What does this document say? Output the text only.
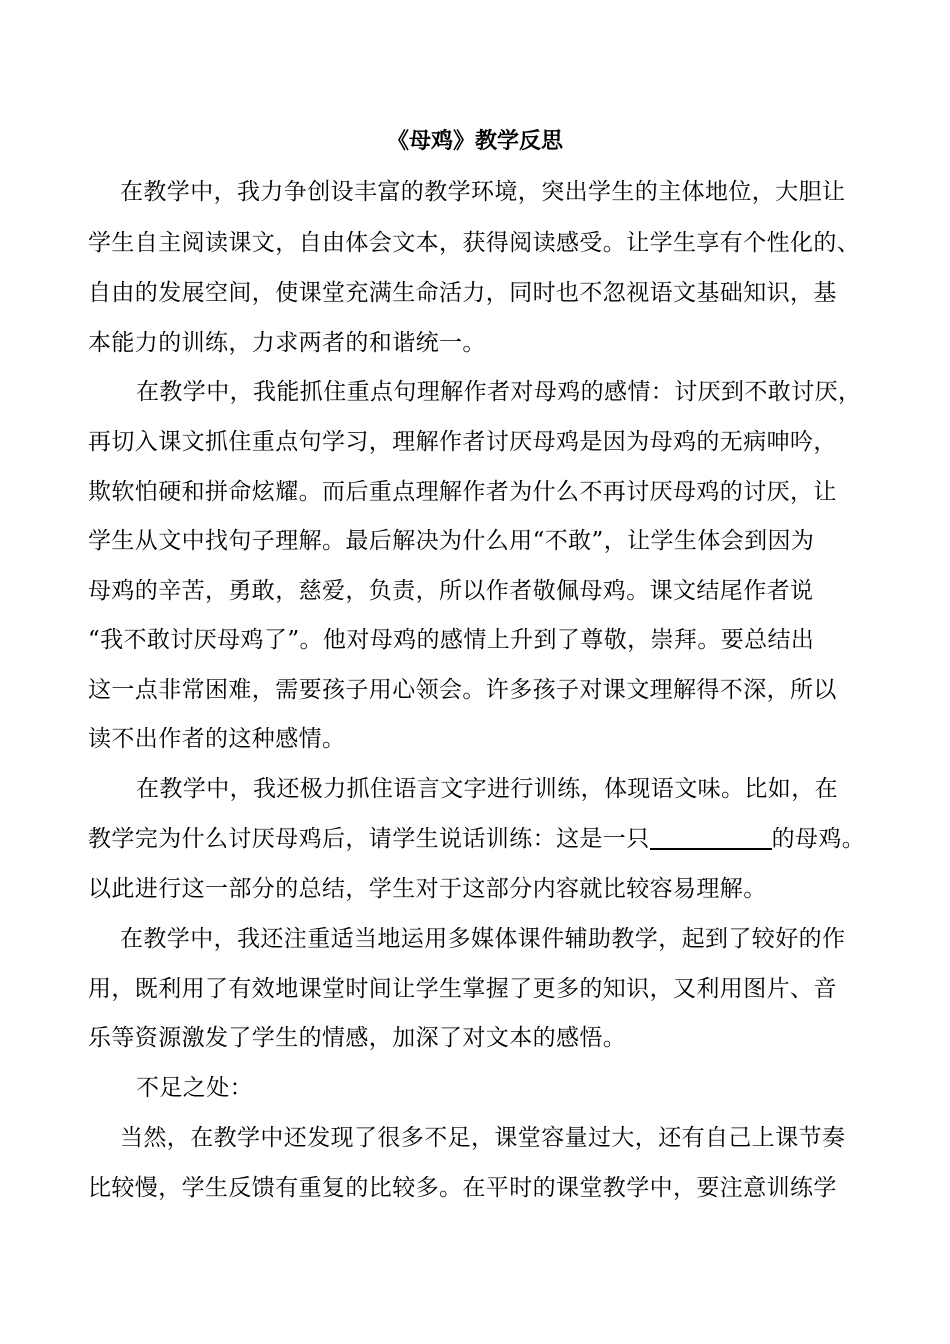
《母鸡》教学反思
在教学中，我力争创设丰富的教学环境，突出学生的主体地位，大胆让
学生自主阅读课文，自由体会文本，获得阅读感受。让学生享有个性化的、
自由的发展空间，使课堂充满生命活力，同时也不忽视语文基础知识，基
本能力的训练，力求两者的和谐统一。
在教学中，我能抓住重点句理解作者对母鸡的感情：讨厌到不敢讨厌，
再切入课文抓住重点句学习，理解作者讨厌母鸡是因为母鸡的无病呻吟，
欺软怕硬和拼命炫耀。而后重点理解作者为什么不再讨厌母鸡的讨厌，让
学生从文中找句子理解。最后解决为什么用“不敢”，让学生体会到因为
母鸡的辛苦，勇敢，慈爱，负责，所以作者敬佩母鸡。课文结尾作者说
“我不敢讨厌母鸡了”。他对母鸡的感情上升到了尊敬，崇拜。要总结出
这一点非常困难，需要孩子用心领会。许多孩子对课文理解得不深，所以
读不出作者的这种感情。
在教学中，我还极力抓住语言文字进行训练，体现语文味。比如，在
教学完为什么讨厌母鸡后，请学生说话训练：这是一只	的母鸡。
以此进行这一部分的总结，学生对于这部分内容就比较容易理解。
在教学中，我还注重适当地运用多媒体课件辅助教学，起到了较好的作
用，既利用了有效地课堂时间让学生掌握了更多的知识，又利用图片、音
乐等资源激发了学生的情感，加深了对文本的感悟。
不足之处：
当然，在教学中还发现了很多不足，课堂容量过大，还有自己上课节奏
比较慢，学生反馈有重复的比较多。在平时的课堂教学中，要注意训练学
